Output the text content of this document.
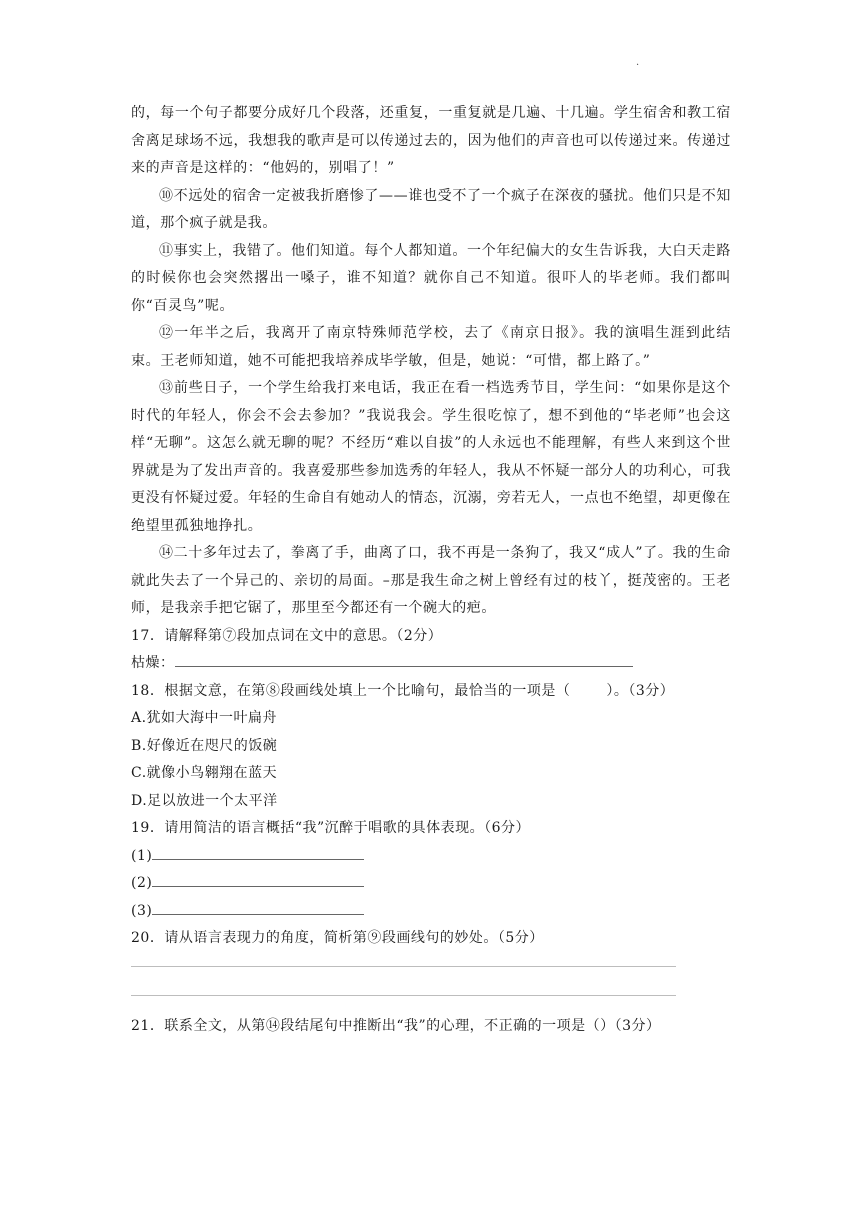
·

的，每一个句子都要分成好几个段落，还重复，一重复就是几遍、十几遍。学生宿舍和教工宿舍离足球场不远，我想我的歌声是可以传递过去的，因为他们的声音也可以传递过来。传递过来的声音是这样的：“他妈的，别唱了！”

⑩不远处的宿舍一定被我折磨惨了——谁也受不了一个疯子在深夜的骚扰。他们只是不知道，那个疯子就是我。

⑪事实上，我错了。他们知道。每个人都知道。一个年纪偏大的女生告诉我，大白天走路的时候你也会突然撂出一嗓子，谁不知道？就你自己不知道。很吓人的毕老师。我们都叫你“百灵鸟”呢。

⑫一年半之后，我离开了南京特殊师范学校，去了《南京日报》。我的演唱生涯到此结束。王老师知道，她不可能把我培养成毕学敏，但是，她说：“可惜，都上路了。”

⑬前些日子，一个学生给我打来电话，我正在看一档选秀节目，学生问：“如果你是这个时代的年轻人，你会不会去参加？”我说我会。学生很吃惊了，想不到他的“毕老师”也会这样“无聊”。这怎么就无聊的呢？不经历“难以自拔”的人永远也不能理解，有些人来到这个世界就是为了发出声音的。我喜爱那些参加选秀的年轻人，我从不怀疑一部分人的功利心，可我更没有怀疑过爱。年轻的生命自有她动人的情态，沉溺，旁若无人，一点也不绝望，却更像在绝望里孤独地挣扎。

⑭二十多年过去了，拳离了手，曲离了口，我不再是一条狗了，我又“成人”了。我的生命就此失去了一个异己的、亲切的局面。–那是我生命之树上曾经有过的枝丫，挺茂密的。王老师，是我亲手把它锯了，那里至今都还有一个碗大的疤。

17．请解释第⑦段加点词在文中的意思。（2分）

枯燥：

18．根据文意，在第⑧段画线处填上一个比喻句，最恰当的一项是（	）。（3分）

A.犹如大海中一叶扁舟

B.好像近在咫尺的饭碗

C.就像小鸟翱翔在蓝天

D.足以放进一个太平洋

19．请用简洁的语言概括“我”沉醉于唱歌的具体表现。（6分）

(1)

(2)

(3)

20．请从语言表现力的角度，简析第⑨段画线句的妙处。（5分）

21．联系全文，从第⑭段结尾句中推断出“我”的心理，不正确的一项是（）（3分）
